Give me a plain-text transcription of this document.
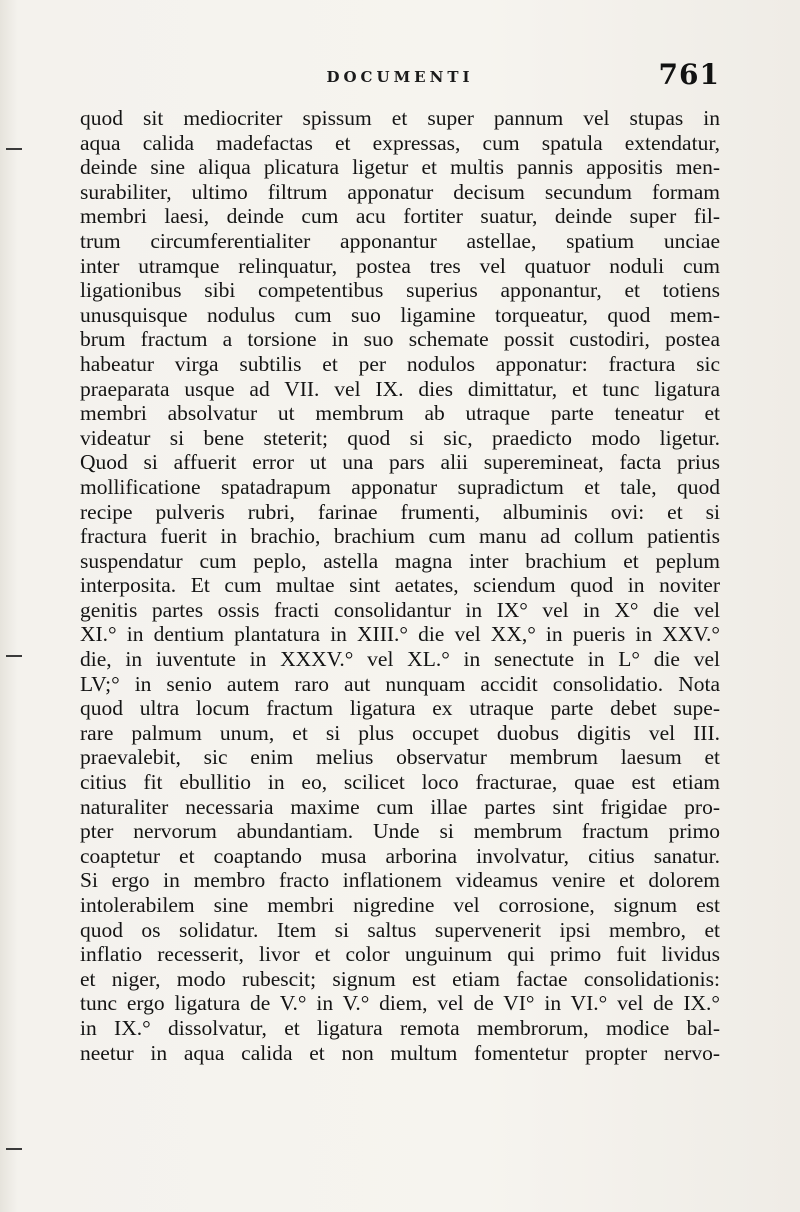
DOCUMENTI	761
quod sit mediocriter spissum et super pannum vel stupas in
aqua calida madefactas et expressas, cum spatula extendatur,
deinde sine aliqua plicatura ligetur et multis pannis appositis men-
surabiliter, ultimo filtrum apponatur decisum secundum formam
membri laesi, deinde cum acu fortiter suatur, deinde super fil-
trum circumferentialiter apponantur astellae, spatium unciae
inter utramque relinquatur, postea tres vel quatuor noduli cum
ligationibus sibi competentibus superius apponantur, et totiens
unusquisque nodulus cum suo ligamine torqueatur, quod mem-
brum fractum a torsione in suo schemate possit custodiri, postea
habeatur virga subtilis et per nodulos apponatur: fractura sic
praeparata usque ad VII. vel IX. dies dimittatur, et tunc ligatura
membri absolvatur ut membrum ab utraque parte teneatur et
videatur si bene steterit; quod si sic, praedicto modo ligetur.
Quod si affuerit error ut una pars alii superemineat, facta prius
mollificatione spatadrapum apponatur supradictum et tale, quod
recipe pulveris rubri, farinae frumenti, albuminis ovi: et si
fractura fuerit in brachio, brachium cum manu ad collum patientis
suspendatur cum peplo, astella magna inter brachium et peplum
interposita. Et cum multae sint aetates, sciendum quod in noviter
genitis partes ossis fracti consolidantur in IX° vel in X° die vel
XI.° in dentium plantatura in XIII.° die vel XX,° in pueris in XXV.°
die, in iuventute in XXXV.° vel XL.° in senectute in L° die vel
LV;° in senio autem raro aut nunquam accidit consolidatio. Nota
quod ultra locum fractum ligatura ex utraque parte debet supe-
rare palmum unum, et si plus occupet duobus digitis vel III.
praevalebit, sic enim melius observatur membrum laesum et
citius fit ebullitio in eo, scilicet loco fracturae, quae est etiam
naturaliter necessaria maxime cum illae partes sint frigidae pro-
pter nervorum abundantiam. Unde si membrum fractum primo
coaptetur et coaptando musa arborina involvatur, citius sanatur.
Si ergo in membro fracto inflationem videamus venire et dolorem
intolerabilem sine membri nigredine vel corrosione, signum est
quod os solidatur. Item si saltus supervenerit ipsi membro, et
inflatio recesserit, livor et color unguinum qui primo fuit lividus
et niger, modo rubescit; signum est etiam factae consolidationis:
tunc ergo ligatura de V.° in V.° diem, vel de VI° in VI.° vel de IX.°
in IX.° dissolvatur, et ligatura remota membrorum, modice bal-
neetur in aqua calida et non multum fomentetur propter nervo-
